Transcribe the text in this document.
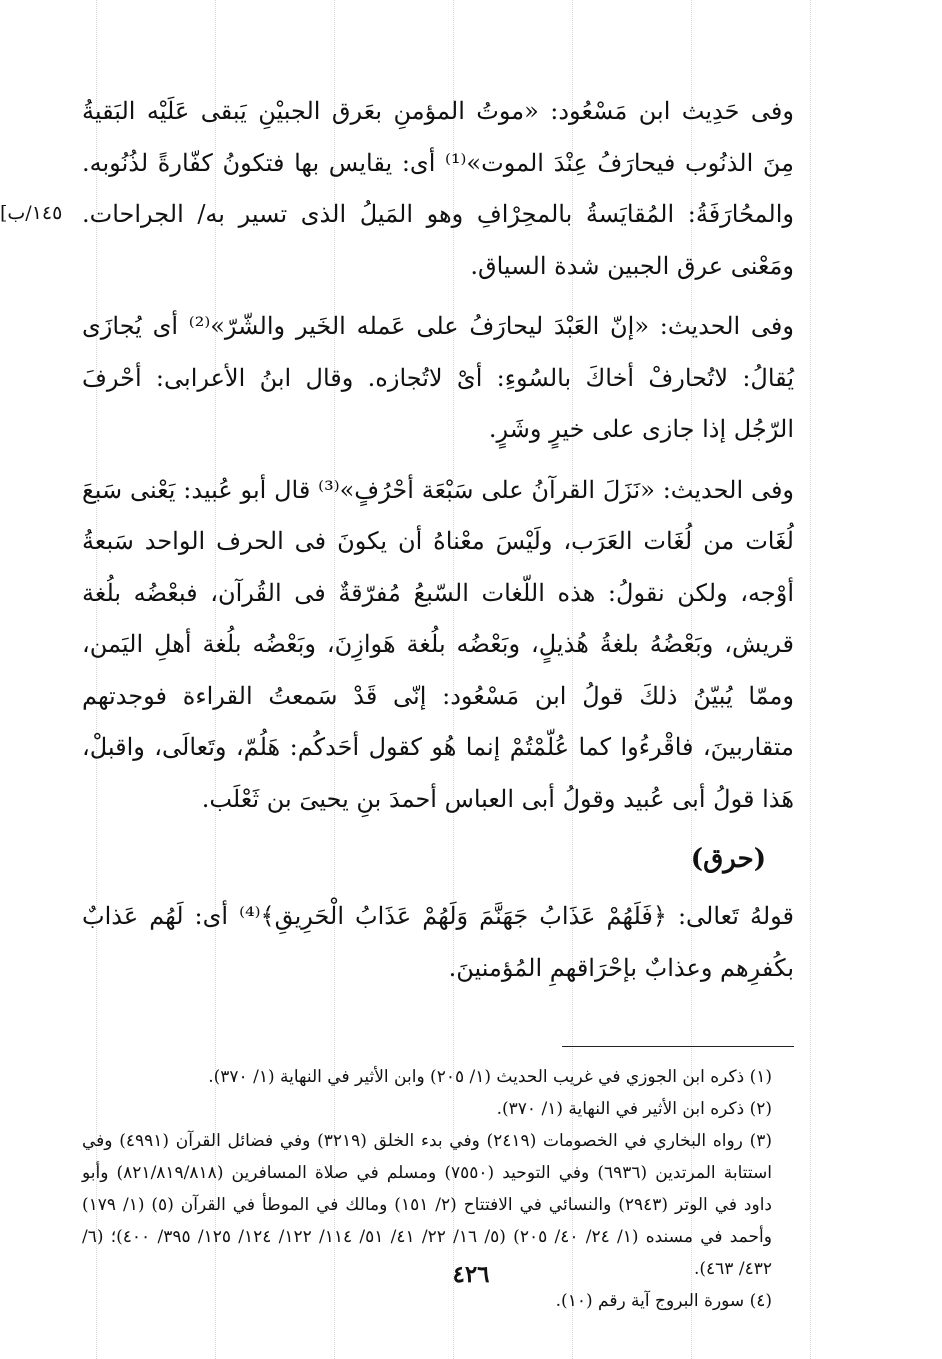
[١٤٥/ب

وفى حَدِيث ابن مَسْعُود: «موتُ المؤمنِ بعَرق الجبيْنِ يَبقى عَلَيْه البَقيةُ مِنَ الذنُوب فيحارَفُ عِنْدَ الموت»⁽¹⁾ أى: يقايس بها فتكونُ كفّارةً لذُنُوبه. والمحُارَفَةُ: المُقايَسةُ بالمحِرْافِ وهو المَيلُ الذى تسير به/ الجراحات. ومَعْنى عرق الجبين شدة السياق.

وفى الحديث: «إنّ العَبْدَ ليحارَفُ على عَمله الخَير والشّرّ»⁽²⁾ أى يُجازَى يُقالُ: لاتُحارفْ أخاكَ بالسُوءِ: أىْ لاتُجازه. وقال ابنُ الأعرابى: أحْرفَ الرّجُل إذا جازى على خيرٍ وشَرٍ.

وفى الحديث: «نَزَلَ القرآنُ على سَبْعَة أحْرُفٍ»⁽³⁾ قال أبو عُبيد: يَعْنى سَبعَ لُغَات من لُغَات العَرَب، ولَيْسَ معْناهُ أن يكونَ فى الحرف الواحد سَبعةُ أوْجه، ولكن نقولُ: هذه اللّغات السّبعُ مُفرّقةٌ فى القُرآن، فبعْضُه بلُغة قريش، وبَعْضُهُ بلغةُ هُذيلٍ، وبَعْضُه بلُغة هَوازِنَ، وبَعْضُه بلُغة أهلِ اليَمن، وممّا يُبيّنُ ذلكَ قولُ ابن مَسْعُود: إنّى قَدْ سَمعتُ القراءة فوجدتهم متقاربينَ، فاقْرءُوا كما عُلّمْتُمْ إنما هُو كقول أحَدكُم: هَلُمّ، وتَعالَى، واقبلْ، هَذا قولُ أبى عُبيد وقولُ أبى العباس أحمدَ بنِ يحيىَ بن ثَعْلَب.

(حرق)

قولهُ تَعالى: ﴿فَلَهُمْ عَذَابُ جَهَنَّمَ وَلَهُمْ عَذَابُ الْحَرِيقِ﴾⁽⁴⁾ أى: لَهُم عَذابٌ بكُفرِهم وعذابٌ بإحْرَاقهمِ المُؤمنينَ.

(١) ذكره ابن الجوزي في غريب الحديث (١/ ٢٠٥) وابن الأثير في النهاية (١/ ٣٧٠).

(٢) ذكره ابن الأثير في النهاية (١/ ٣٧٠).

(٣) رواه البخاري في الخصومات (٢٤١٩) وفي بدء الخلق (٣٢١٩) وفي فضائل القرآن (٤٩٩١) وفي استتابة المرتدين (٦٩٣٦) وفي التوحيد (٧٥٥٠) ومسلم في صلاة المسافرين (٨٢١/٨١٩/٨١٨) وأبو داود في الوتر (٢٩٤٣) والنسائي في الافتتاح (٢/ ١٥١) ومالك في الموطأ في القرآن (٥) (١/ ١٧٩) وأحمد في مسنده (١/ ٢٤/ ٤٠/ ٢٠٥) (٥/ ١٦/ ٢٢/ ٤١/ ٥١/ ١١٤/ ١٢٢/ ١٢٤/ ١٢٥/ ٣٩٥/ ٤٠٠)؛ (٦/ ٤٣٢/ ٤٦٣).

(٤) سورة البروج آية رقم (١٠).

٤٢٦
